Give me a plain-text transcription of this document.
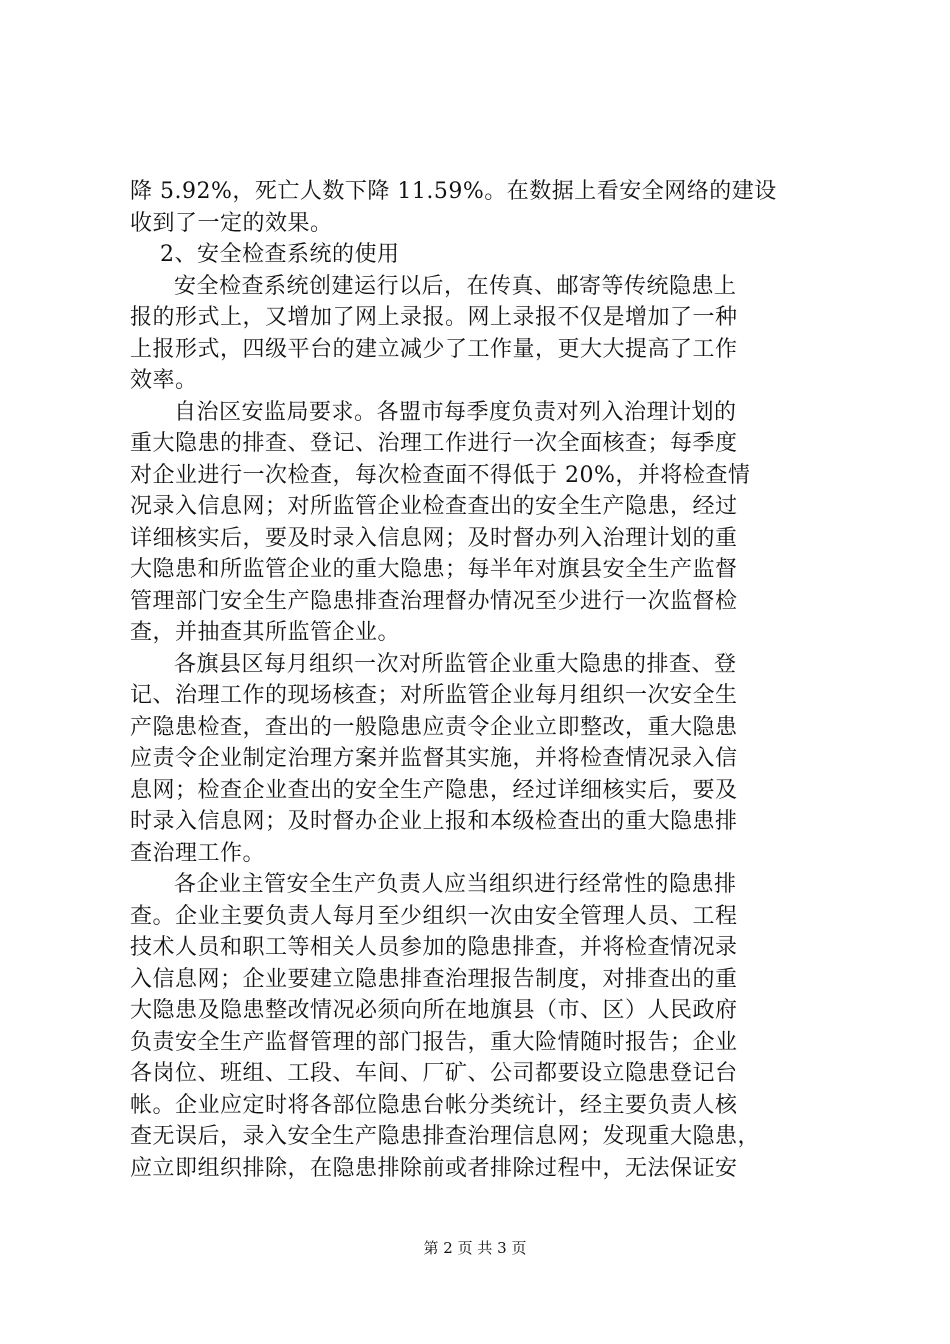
降 5.92%，死亡人数下降 11.59%。在数据上看安全网络的建设
收到了一定的效果。
2、安全检查系统的使用
安全检查系统创建运行以后，在传真、邮寄等传统隐患上
报的形式上，又增加了网上录报。网上录报不仅是增加了一种
上报形式，四级平台的建立减少了工作量，更大大提高了工作
效率。
自治区安监局要求。各盟市每季度负责对列入治理计划的
重大隐患的排查、登记、治理工作进行一次全面核查；每季度
对企业进行一次检查，每次检查面不得低于 20%，并将检查情
况录入信息网；对所监管企业检查查出的安全生产隐患，经过
详细核实后，要及时录入信息网；及时督办列入治理计划的重
大隐患和所监管企业的重大隐患；每半年对旗县安全生产监督
管理部门安全生产隐患排查治理督办情况至少进行一次监督检
查，并抽查其所监管企业。
各旗县区每月组织一次对所监管企业重大隐患的排查、登
记、治理工作的现场核查；对所监管企业每月组织一次安全生
产隐患检查，查出的一般隐患应责令企业立即整改，重大隐患
应责令企业制定治理方案并监督其实施，并将检查情况录入信
息网；检查企业查出的安全生产隐患，经过详细核实后，要及
时录入信息网；及时督办企业上报和本级检查出的重大隐患排
查治理工作。
各企业主管安全生产负责人应当组织进行经常性的隐患排
查。企业主要负责人每月至少组织一次由安全管理人员、工程
技术人员和职工等相关人员参加的隐患排查，并将检查情况录
入信息网；企业要建立隐患排查治理报告制度，对排查出的重
大隐患及隐患整改情况必须向所在地旗县（市、区）人民政府
负责安全生产监督管理的部门报告，重大险情随时报告；企业
各岗位、班组、工段、车间、厂矿、公司都要设立隐患登记台
帐。企业应定时将各部位隐患台帐分类统计，经主要负责人核
查无误后，录入安全生产隐患排查治理信息网；发现重大隐患，
应立即组织排除，在隐患排除前或者排除过程中，无法保证安
第 2 页 共 3 页
